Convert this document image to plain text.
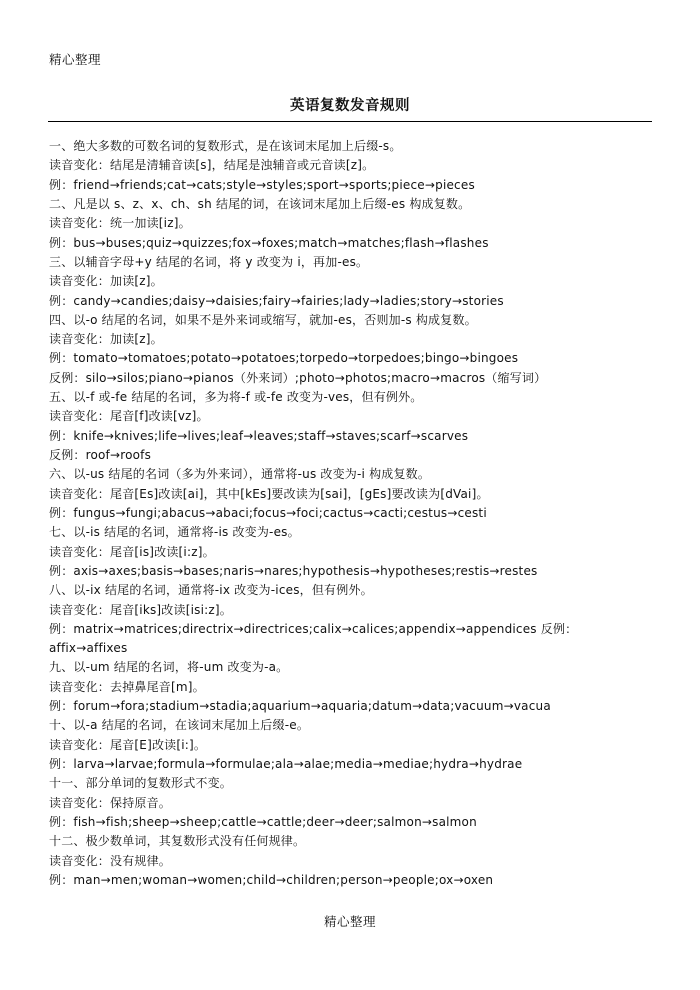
精心整理
英语复数发音规则
一、绝大多数的可数名词的复数形式，是在该词末尾加上后缀-s。
读音变化：结尾是清辅音读[s]，结尾是浊辅音或元音读[z]。
例：friend→friends;cat→cats;style→styles;sport→sports;piece→pieces
二、凡是以 s、z、x、ch、sh 结尾的词，在该词末尾加上后缀-es 构成复数。
读音变化：统一加读[iz]。
例：bus→buses;quiz→quizzes;fox→foxes;match→matches;flash→flashes
三、以辅音字母+y 结尾的名词，将 y 改变为 i，再加-es。
读音变化：加读[z]。
例：candy→candies;daisy→daisies;fairy→fairies;lady→ladies;story→stories
四、以-o 结尾的名词，如果不是外来词或缩写，就加-es，否则加-s 构成复数。
读音变化：加读[z]。
例：tomato→tomatoes;potato→potatoes;torpedo→torpedoes;bingo→bingoes
反例：silo→silos;piano→pianos（外来词）;photo→photos;macro→macros（缩写词）
五、以-f 或-fe 结尾的名词，多为将-f 或-fe 改变为-ves，但有例外。
读音变化：尾音[f]改读[vz]。
例：knife→knives;life→lives;leaf→leaves;staff→staves;scarf→scarves
反例：roof→roofs
六、以-us 结尾的名词（多为外来词），通常将-us 改变为-i 构成复数。
读音变化：尾音[Es]改读[ai]，其中[kEs]要改读为[sai]，[gEs]要改读为[dVai]。
例：fungus→fungi;abacus→abaci;focus→foci;cactus→cacti;cestus→cesti
七、以-is 结尾的名词，通常将-is 改变为-es。
读音变化：尾音[is]改读[i:z]。
例：axis→axes;basis→bases;naris→nares;hypothesis→hypotheses;restis→restes
八、以-ix 结尾的名词，通常将-ix 改变为-ices，但有例外。
读音变化：尾音[iks]改读[isi:z]。
例：matrix→matrices;directrix→directrices;calix→calices;appendix→appendices 反例：
affix→affixes
九、以-um 结尾的名词，将-um 改变为-a。
读音变化：去掉鼻尾音[m]。
例：forum→fora;stadium→stadia;aquarium→aquaria;datum→data;vacuum→vacua
十、以-a 结尾的名词，在该词末尾加上后缀-e。
读音变化：尾音[E]改读[i:]。
例：larva→larvae;formula→formulae;ala→alae;media→mediae;hydra→hydrae
十一、部分单词的复数形式不变。
读音变化：保持原音。
例：fish→fish;sheep→sheep;cattle→cattle;deer→deer;salmon→salmon
十二、极少数单词，其复数形式没有任何规律。
读音变化：没有规律。
例：man→men;woman→women;child→children;person→people;ox→oxen
精心整理
